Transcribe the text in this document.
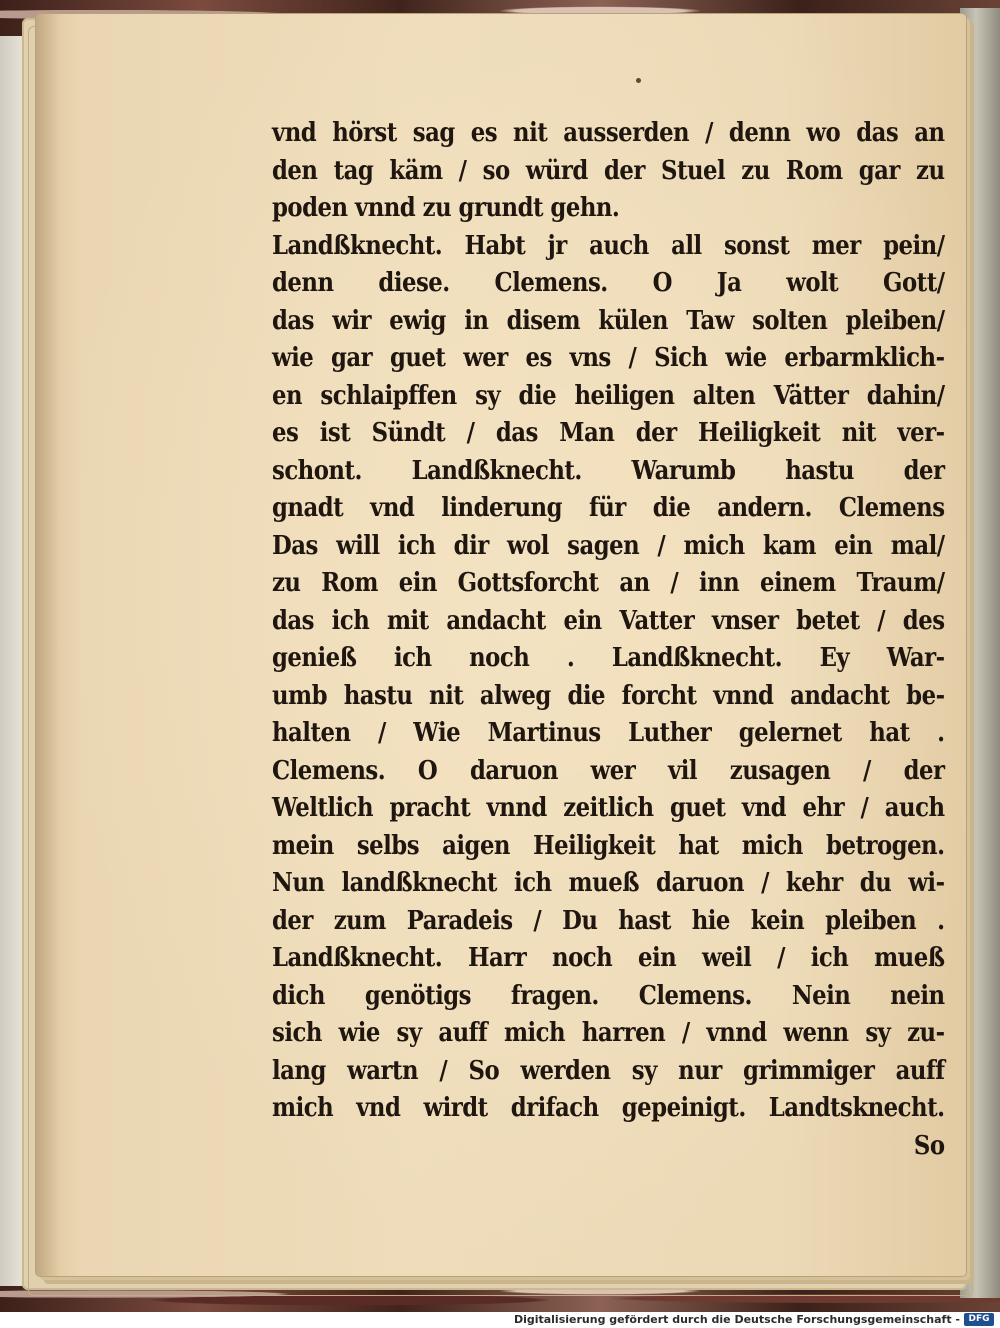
vnd hörst sag es nit ausserden / denn wo das an
den tag käm / so würd der Stuel zu Rom gar zu
poden vnnd zu grundt gehn.
Landßknecht. Habt jr auch all sonst mer pein/
denn diese. Clemens. O Ja wolt Gott/
das wir ewig in disem külen Taw solten pleiben/
wie gar guet wer es vns / Sich wie erbarmklich-
en schlaipffen sy die heiligen alten Vätter dahin/
es ist Sündt / das Man der Heiligkeit nit ver-
schont. Landßknecht. Warumb hastu der
gnadt vnd linderung für die andern. Clemens
Das will ich dir wol sagen / mich kam ein mal/
zu Rom ein Gottsforcht an / inn einem Traum/
das ich mit andacht ein Vatter vnser betet / des
genieß ich noch . Landßknecht. Ey War-
umb hastu nit alweg die forcht vnnd andacht be-
halten / Wie Martinus Luther gelernet hat .
Clemens. O daruon wer vil zusagen / der
Weltlich pracht vnnd zeitlich guet vnd ehr / auch
mein selbs aigen Heiligkeit hat mich betrogen.
Nun landßknecht ich mueß daruon / kehr du wi-
der zum Paradeis / Du hast hie kein pleiben .
Landßknecht. Harr noch ein weil / ich mueß
dich genötigs fragen. Clemens. Nein nein
sich wie sy auff mich harren / vnnd wenn sy zu-
lang wartn / So werden sy nur grimmiger auff
mich vnd wirdt drifach gepeinigt. Landtsknecht.
So
Digitalisierung gefördert durch die Deutsche Forschungsgemeinschaft - DFG
